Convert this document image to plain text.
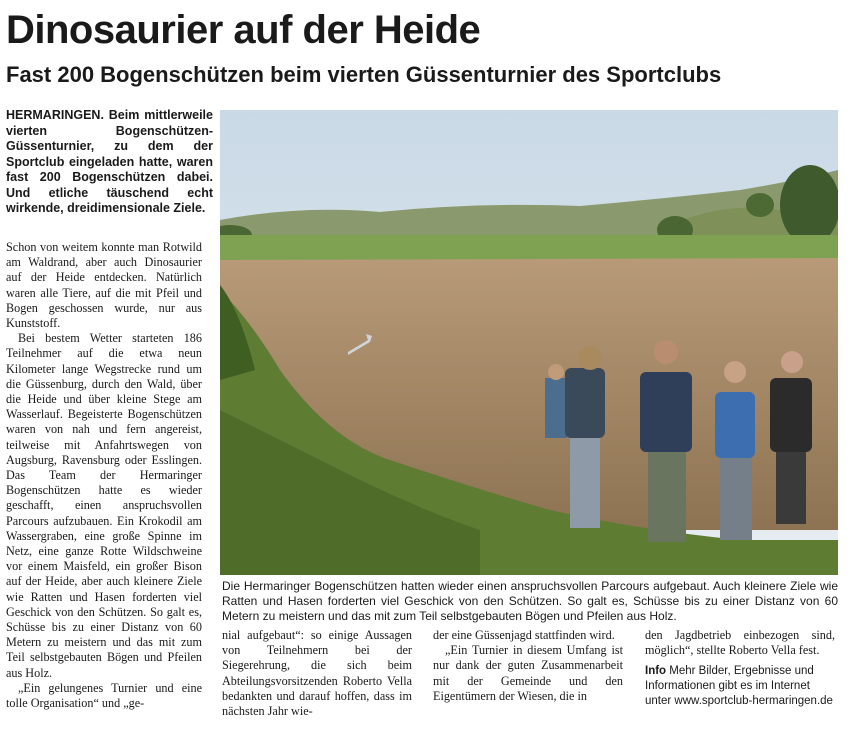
Dinosaurier auf der Heide
Fast 200 Bogenschützen beim vierten Güssenturnier des Sportclubs

HERMARINGEN. Beim mittlerweile vierten Bogenschützen-Güssenturnier, zu dem der Sportclub eingeladen hatte, waren fast 200 Bogenschützen dabei. Und etliche täuschend echt wirkende, dreidimensionale Ziele.

Schon von weitem konnte man Rotwild am Waldrand, aber auch Dinosaurier auf der Heide entdecken. Natürlich waren alle Tiere, auf die mit Pfeil und Bogen geschossen wurde, nur aus Kunststoff.

Bei bestem Wetter starteten 186 Teilnehmer auf die etwa neun Kilometer lange Wegstrecke rund um die Güssenburg, durch den Wald, über die Heide und über kleine Stege am Wasserlauf. Begeisterte Bogenschützen waren von nah und fern angereist, teilweise mit Anfahrtswegen von Augsburg, Ravensburg oder Esslingen. Das Team der Hermaringer Bogenschützen hatte es wieder geschafft, einen anspruchsvollen Parcours aufzubauen. Ein Krokodil am Wassergraben, eine große Spinne im Netz, eine ganze Rotte Wildschweine vor einem Maisfeld, ein großer Bison auf der Heide, aber auch kleinere Ziele wie Ratten und Hasen forderten viel Geschick von den Schützen. So galt es, Schüsse bis zu einer Distanz von 60 Metern zu meistern und das mit zum Teil selbstgebauten Bögen und Pfeilen aus Holz.

„Ein gelungenes Turnier und eine tolle Organisation“ und „ge-

Die Hermaringer Bogenschützen hatten wieder einen anspruchsvollen Parcours aufgebaut. Auch kleinere Ziele wie Ratten und Hasen forderten viel Geschick von den Schützen. So galt es, Schüsse bis zu einer Distanz von 60 Metern zu meistern und das mit zum Teil selbstgebauten Bögen und Pfeilen aus Holz.

nial aufgebaut“: so einige Aussagen von Teilnehmern bei der Siegerehrung, die sich beim Abteilungsvorsitzenden Roberto Vella bedankten und darauf hoffen, dass im nächsten Jahr wie-

der eine Güssenjagd stattfinden wird.

„Ein Turnier in diesem Umfang ist nur dank der guten Zusammenarbeit mit der Gemeinde und den Eigentümern der Wiesen, die in

den Jagdbetrieb einbezogen sind, möglich“, stellte Roberto Vella fest.

Info Mehr Bilder, Ergebnisse und Informationen gibt es im Internet unter www.sportclub-hermaringen.de
